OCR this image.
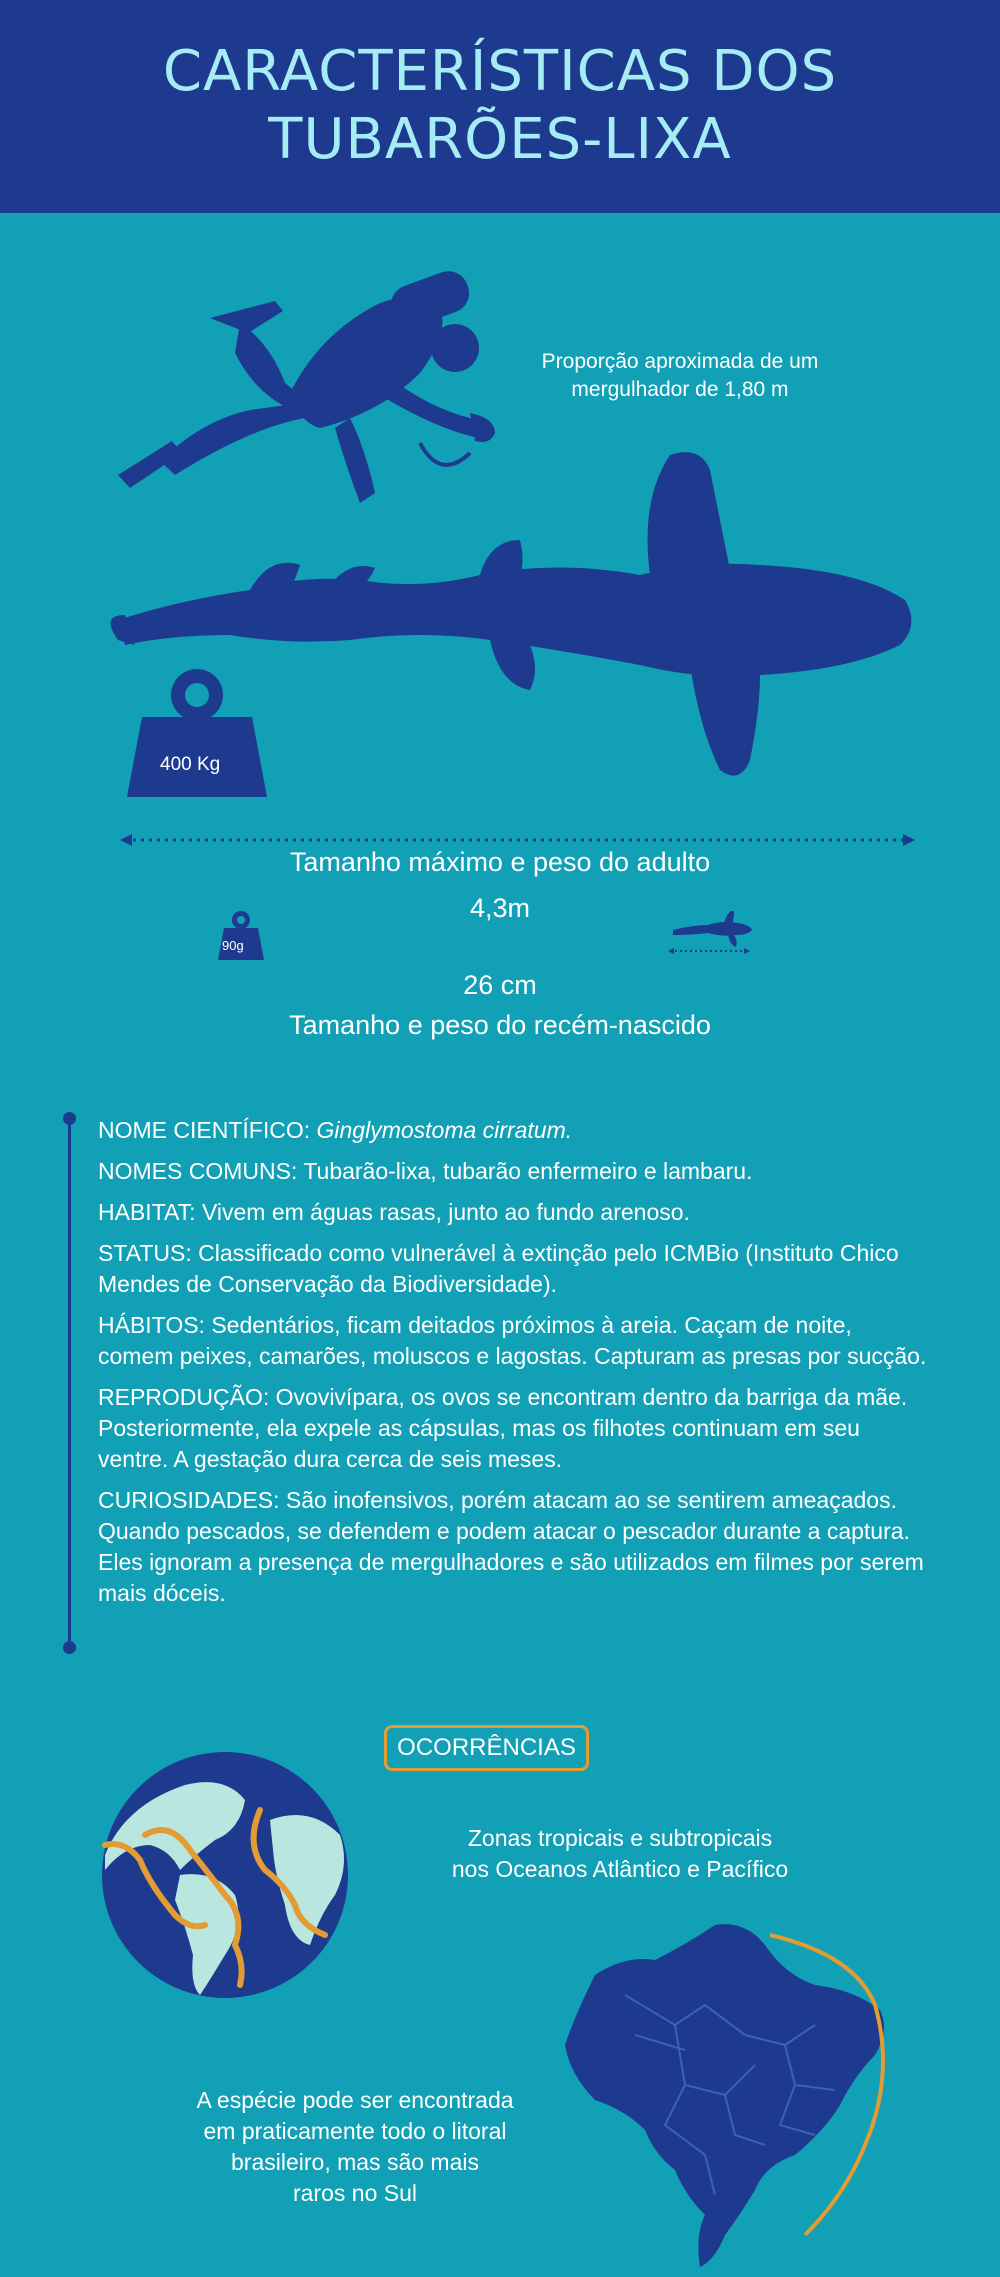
CARACTERÍSTICAS DOS
TUBARÕES-LIXA
400 Kg
Proporção aproximada de um
mergulhador de 1,80 m
Tamanho máximo e peso do adulto
4,3m
90g
26 cm
Tamanho e peso do recém-nascido
NOME CIENTÍFICO: Ginglymostoma cirratum.
NOMES COMUNS: Tubarão-lixa, tubarão enfermeiro e lambaru.
HABITAT: Vivem em águas rasas, junto ao fundo arenoso.
STATUS: Classificado como vulnerável à extinção pelo ICMBio (Instituto Chico Mendes de Conservação da Biodiversidade).
HÁBITOS: Sedentários, ficam deitados próximos à areia. Caçam de noite, comem peixes, camarões, moluscos e lagostas. Capturam as presas por sucção.
REPRODUÇÃO: Ovovivípara, os ovos se encontram dentro da barriga da mãe. Posteriormente, ela expele as cápsulas, mas os filhotes continuam em seu ventre. A gestação dura cerca de seis meses.
CURIOSIDADES: São inofensivos, porém atacam ao se sentirem ameaçados. Quando pescados, se defendem e podem atacar o pescador durante a captura. Eles ignoram a presença de mergulhadores e são utilizados em filmes por serem mais dóceis.
OCORRÊNCIAS
Zonas tropicais e subtropicais
nos Oceanos Atlântico e Pacífico
A espécie pode ser encontrada
em praticamente todo o litoral
brasileiro, mas são mais
raros no Sul
